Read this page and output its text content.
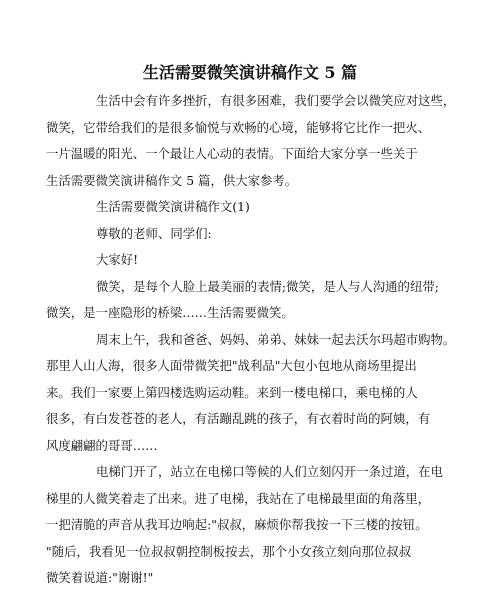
生活需要微笑演讲稿作文 5 篇
生活中会有许多挫折，有很多困难，我们要学会以微笑应对这些，
微笑，它带给我们的是很多愉悦与欢畅的心境，能够将它比作一把火、
一片温暖的阳光、一个最让人心动的表情。下面给大家分享一些关于
生活需要微笑演讲稿作文 5 篇，供大家参考。
生活需要微笑演讲稿作文(1)
尊敬的老师、同学们:
大家好!
微笑，是每个人脸上最美丽的表情;微笑，是人与人沟通的纽带;
微笑，是一座隐形的桥梁……生活需要微笑。
周末上午，我和爸爸、妈妈、弟弟、妹妹一起去沃尔玛超市购物。
那里人山人海，很多人面带微笑把"战利品"大包小包地从商场里提出
来。我们一家要上第四楼选购运动鞋。来到一楼电梯口，乘电梯的人
很多，有白发苍苍的老人，有活蹦乱跳的孩子，有衣着时尚的阿姨，有
风度翩翩的哥哥……
电梯门开了，站立在电梯口等候的人们立刻闪开一条过道，在电
梯里的人微笑着走了出来。进了电梯，我站在了电梯最里面的角落里，
一把清脆的声音从我耳边响起:"叔叔，麻烦你帮我按一下三楼的按钮。
"随后，我看见一位叔叔朝控制板按去，那个小女孩立刻向那位叔叔
微笑着说道:"谢谢!"
